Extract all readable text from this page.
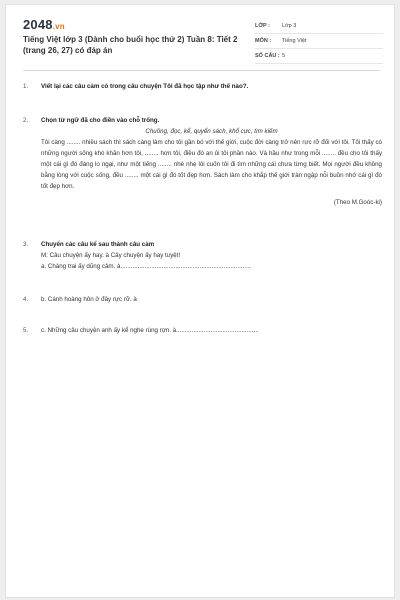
2048.vn
Tiếng Việt lớp 3 (Dành cho buổi học thứ 2) Tuần 8: Tiết 2 (trang 26, 27) có đáp án
LỚP :	Lớp 3
MÔN :	Tiếng Việt
SỐ CÂU : 5
1.	Viết lại các câu cảm có trong câu chuyện Tôi đã học tập như thế nào?.
2.	Chọn từ ngữ đã cho điền vào chỗ trống.
Chuồng, đọc, kể, quyển sách, khổ cực, tìm kiếm
Tôi càng ........ nhiều sách thì sách càng làm cho tôi gần bó với thế giới, cuộc đời càng trở nên rực rỡ đối với tôi. Tôi thấy có những người sống khó khăn hơn tôi, ........ hơn tôi, điều đó an ủi tôi phần nào. Và hầu như trong mỗi ........ đều cho tôi thấy một cái gì đó đáng lo ngại, như một tiếng ........ nhè nhẹ lôi cuốn tôi đi tìm những cái chưa từng biết. Mọi người đều không bằng lòng với cuộc sống, đều ........ một cái gì đó tốt đẹp hơn. Sách làm cho khắp thế giới tràn ngập nỗi buồn nhớ cái gì đó tốt đẹp hơn.
(Theo M.Goóc-ki)
3.	Chuyển các câu kể sau thành câu cảm
M: Câu chuyện ấy hay. à Cây chuyện ấy hay tuyệt!
a. Chàng trai ấy dũng cảm. à............................................................................
4.	b. Cánh hoàng hôn ở đây rực rỡ. à
5.	c. Những câu chuyện anh ấy kể nghe rùng rợn. à................................................
